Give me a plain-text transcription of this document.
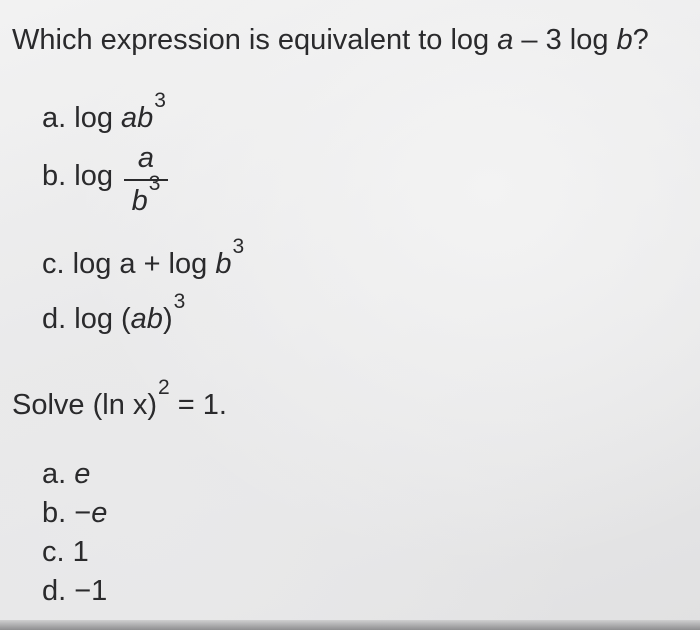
Which expression is equivalent to log a – 3 log b?
a. $\log ab^3$
b. log
a
$b^3$
c. $\log a + \log b^3$
d. log (ab)$^3$
Solve (ln x)$^2$ = 1.
a. e
b. −e
c. 1
d. −1
